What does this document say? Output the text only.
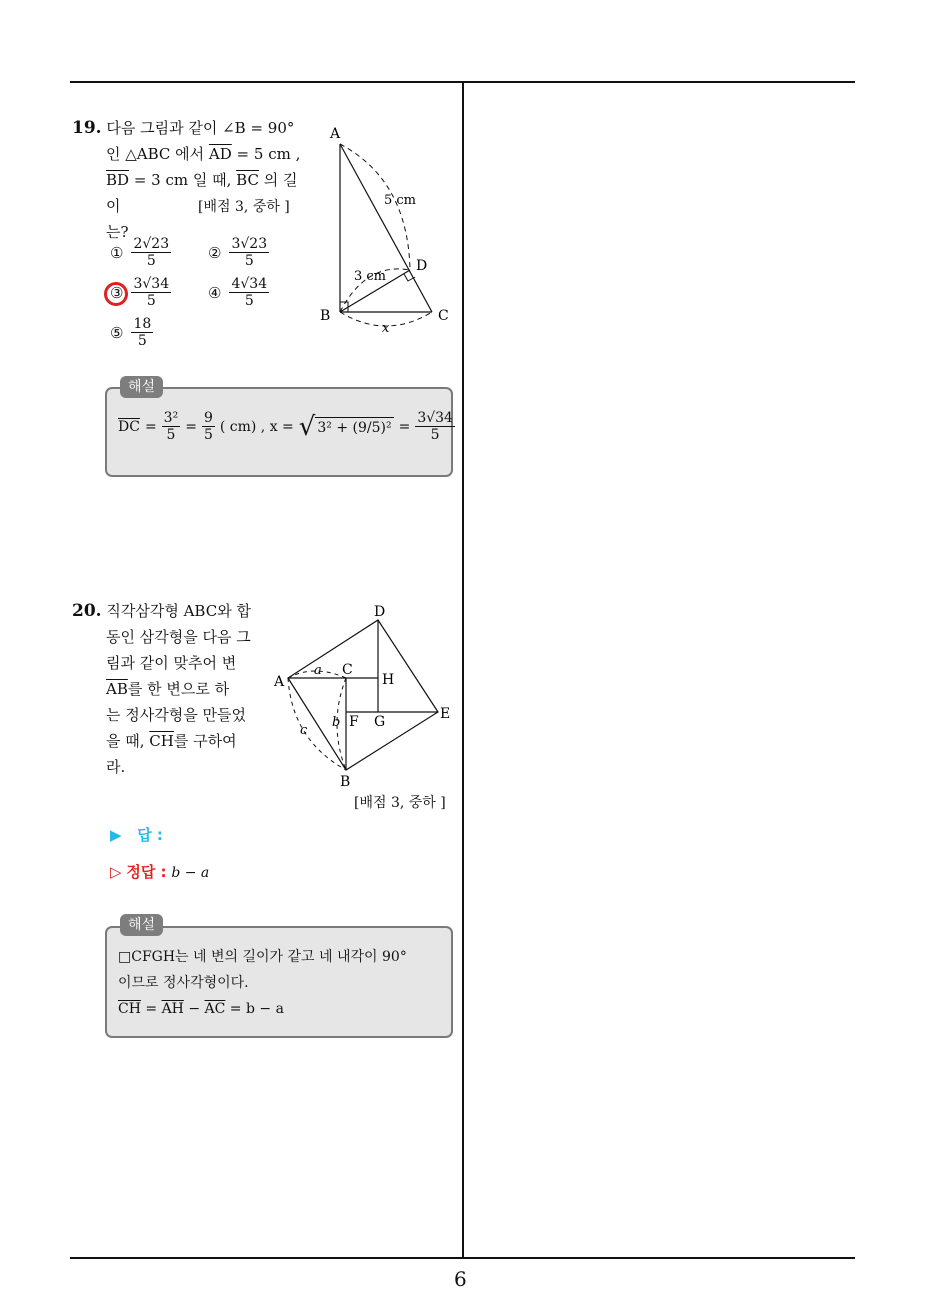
6
19. 다음 그림과 같이 ∠B = 90°
인 △ABC 에서 $\overline{AD} = 5$ cm ,
$\overline{BD} = 3$ cm 일 때, $\overline{BC}$ 의 길이
는?
[배점 3, 중하 ]
① $\frac{2√23}{5}$ ② $\frac{3√23}{5}$
③ $\frac{3√34}{5}$ ④ $\frac{4√34}{5}$
⑤ $\frac{18}{5}$
A
B	C
D
5 cm
3 cm
x
해설
$\overline{DC} = \frac{\text{3²}}{5} = \frac{9}{5}$ ( cm) , x = √ $3^2 + (9/5)^2 = \frac{3√34}{5}$
20. 직각삼각형 ABC와 합
동인 삼각형을 다음 그
림과 같이 맞추어 변
$\overline{AB}$를 한 변으로 하
는 정사각형을 만들었
을 때, $\overline{CH}$를 구하여
라.
D
A
C
H
E
F G
B
a
b
c
[배점 3, 중하 ]
▶ 답 :
▷ 정답 : b − a
해설
□CFGH는 네 변의 길이가 같고 네 내각이 90°
이므로 정사각형이다.
$\overline{CH} = \overline{AH} - \overline{AC} = b - a$
